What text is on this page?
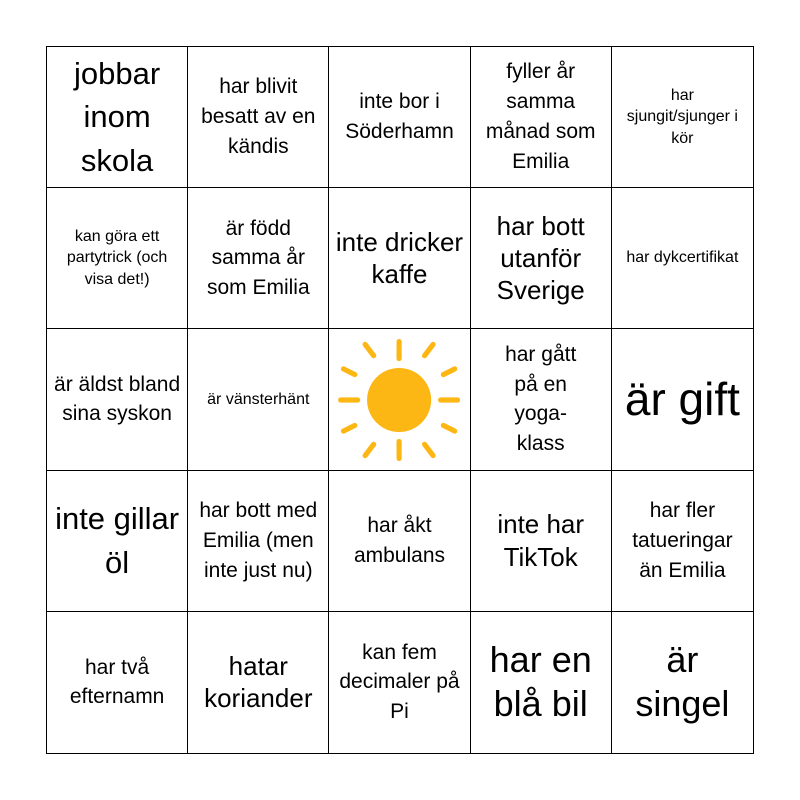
jobbar inom skola
har blivit besatt av en kändis
inte bor i Söderhamn
fyller år samma månad som Emilia
har sjungit/sjunger i kör
kan göra ett partytrick (och visa det!)
är född samma år som Emilia
inte dricker kaffe
har bott utanför Sverige
har dykcertifikat
är äldst bland sina syskon
är vänsterhänt
har gått på en yoga-klass
är gift
inte gillar öl
har bott med Emilia (men inte just nu)
har åkt ambulans
inte har TikTok
har fler tatueringar än Emilia
har två efternamn
hatar koriander
kan fem decimaler på Pi
har en blå bil
är singel
